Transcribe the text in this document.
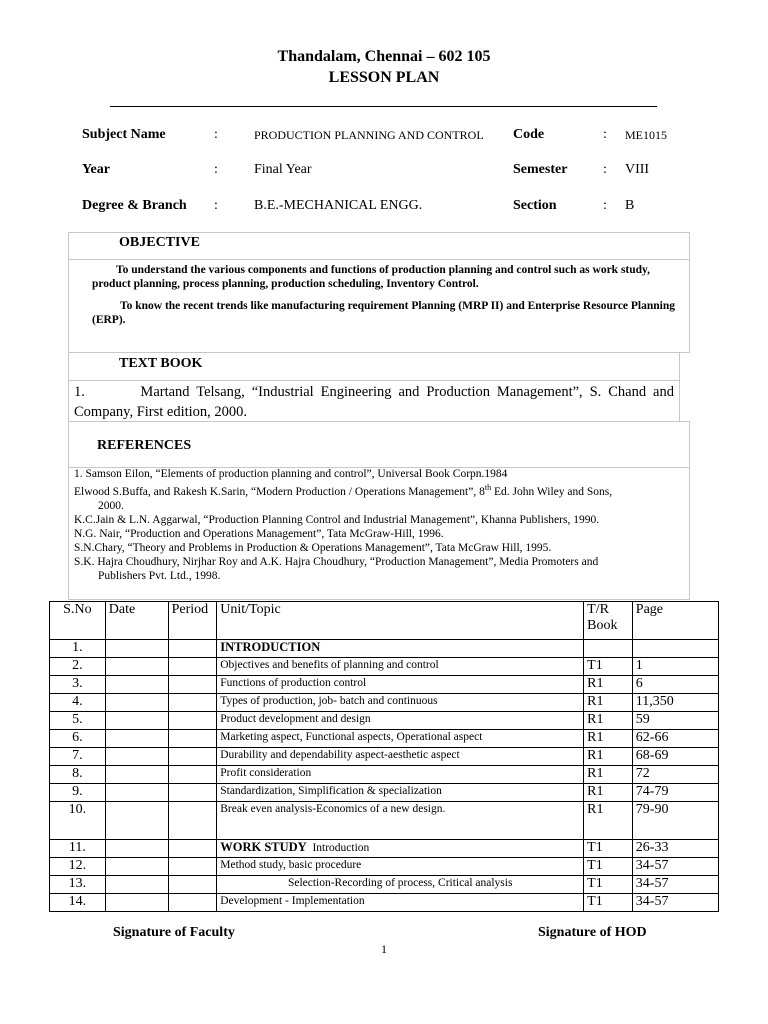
Thandalam, Chennai – 602 105
LESSON PLAN
Subject Name	:	PRODUCTION PLANNING AND CONTROL Code	: ME1015
Year	:	Final Year	Semester	: VIII
Degree & Branch :	B.E.-MECHANICAL ENGG.	Section	: B
OBJECTIVE
To understand the various components and functions of production planning and control such as work study, product planning, process planning, production scheduling, Inventory Control.
To know the recent trends like manufacturing requirement Planning (MRP II) and Enterprise Resource Planning (ERP).
TEXT BOOK
1.        Martand Telsang, “Industrial Engineering and Production Management”, S. Chand and Company, First edition, 2000.
REFERENCES
1. Samson Eilon, “Elements of production planning and control”, Universal Book Corpn.1984
Elwood S.Buffa, and Rakesh K.Sarin, “Modern Production / Operations Management”, 8th Ed. John Wiley and Sons,
2000.
K.C.Jain & L.N. Aggarwal, “Production Planning Control and Industrial Management”, Khanna Publishers, 1990.
N.G. Nair, “Production and Operations Management”, Tata McGraw-Hill, 1996.
S.N.Chary, “Theory and Problems in Production & Operations Management”, Tata McGraw Hill, 1995.
S.K. Hajra Choudhury, Nirjhar Roy and A.K. Hajra Choudhury, “Production Management”, Media Promoters and
Publishers Pvt. Ltd., 1998.
S.No	Date	Period	Unit/Topic	T/R Book	Page
1.			INTRODUCTION		
2.			Objectives and benefits of planning and control	T1	1
3.			Functions of production control	R1	6
4.			Types of production, job- batch and continuous	R1	11,350
5.			Product development and design	R1	59
6.			Marketing aspect, Functional aspects, Operational aspect	R1	62-66
7.			Durability and dependability aspect-aesthetic aspect	R1	68-69
8.			Profit consideration	R1	72
9.			Standardization, Simplification & specialization	R1	74-79
10.			Break even analysis-Economics of a new design.	R1	79-90
11.			WORK STUDY  Introduction	T1	26-33
12.			Method study, basic procedure	T1	34-57
13.			Selection-Recording of process, Critical analysis	T1	34-57
14.			Development - Implementation	T1	34-57
Signature of Faculty	Signature of HOD
1
